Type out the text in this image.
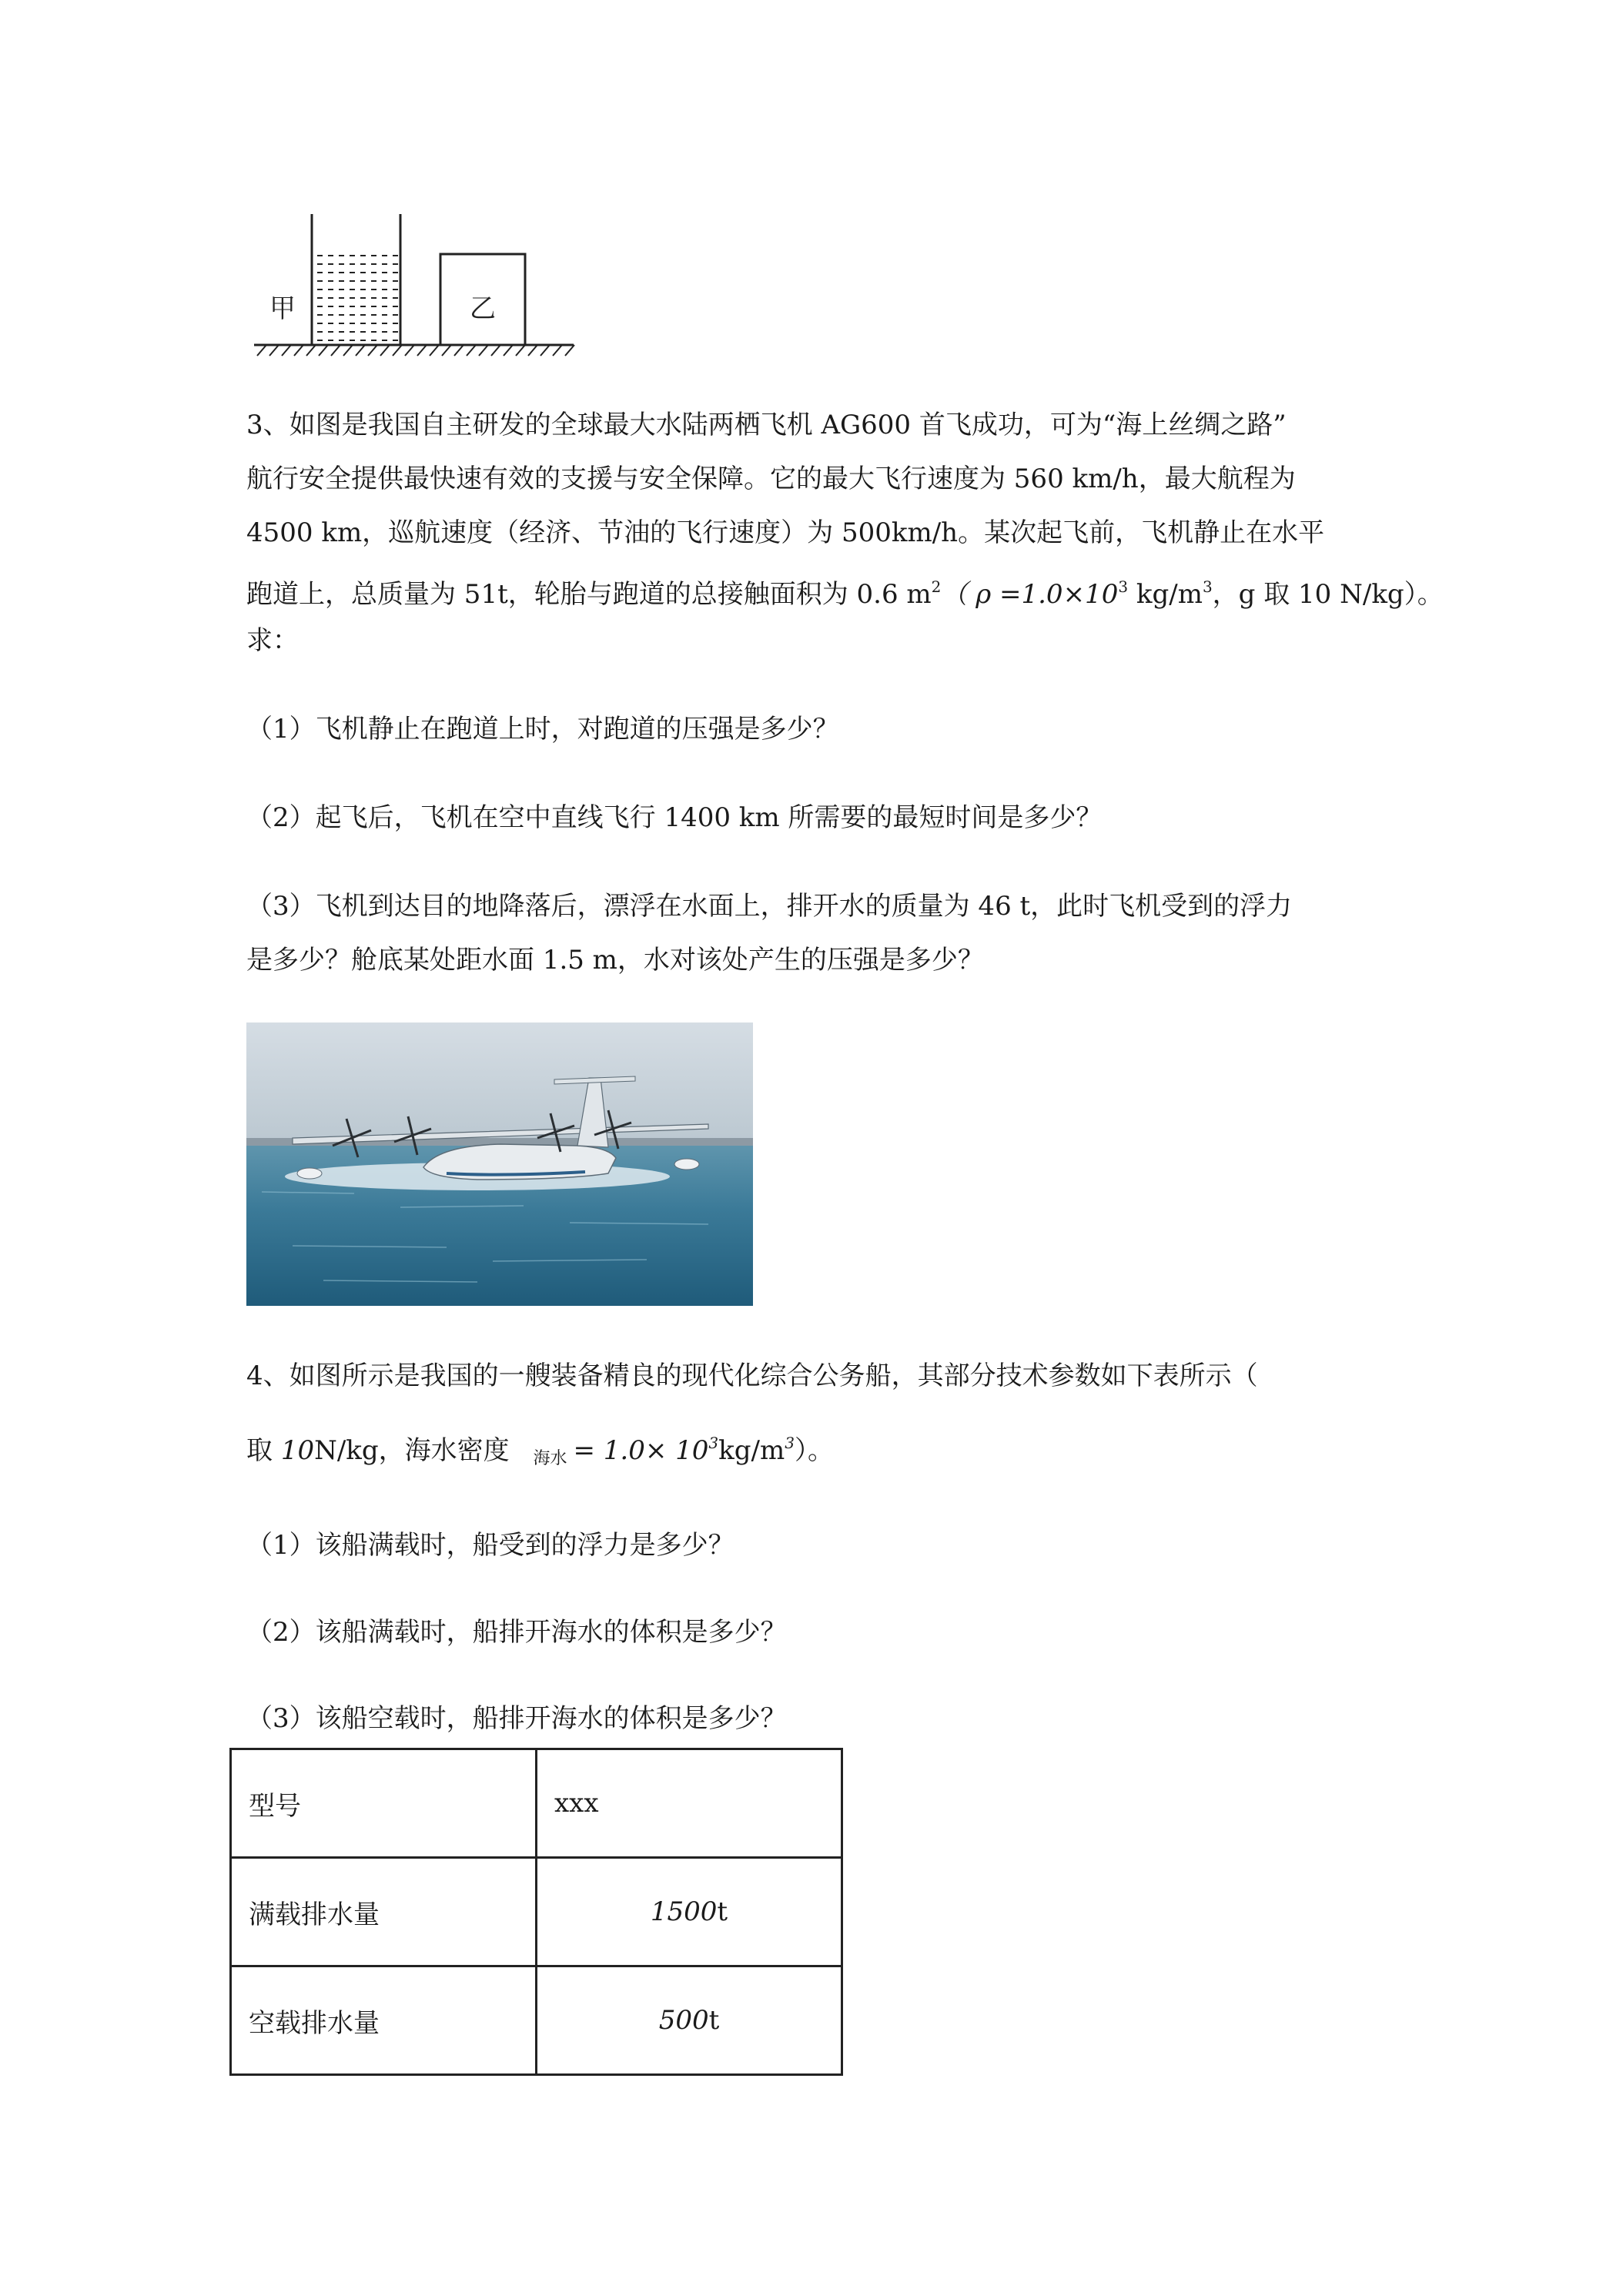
甲	乙
3、如图是我国自主研发的全球最大水陆两栖飞机 AG600 首飞成功，可为“海上丝绸之路”
航行安全提供最快速有效的支援与安全保障。它的最大飞行速度为 560 km/h，最大航程为
4500 km，巡航速度（经济、节油的飞行速度）为 500km/h。某次起飞前，飞机静止在水平
跑道上，总质量为 51t，轮胎与跑道的总接触面积为 0.6 $m^2$（ $\rho =1.0\times 10^3$ $kg/m^3$，g 取 10 N/kg）。
求：
（1）飞机静止在跑道上时，对跑道的压强是多少？
（2）起飞后，飞机在空中直线飞行 1400 km 所需要的最短时间是多少？
（3）飞机到达目的地降落后，漂浮在水面上，排开水的质量为 46 t，此时飞机受到的浮力
是多少？舱底某处距水面 1.5 m，水对该处产生的压强是多少？
4、如图所示是我国的一艘装备精良的现代化综合公务船，其部分技术参数如下表所示（
取 10N/kg，海水密度 $_{海水} = 1.0\times 10^3kg/m^3$）。
（1）该船满载时，船受到的浮力是多少？
（2）该船满载时，船排开海水的体积是多少？
（3）该船空载时，船排开海水的体积是多少？
型号	xxx
满载排水量	1500t
空载排水量	500t
